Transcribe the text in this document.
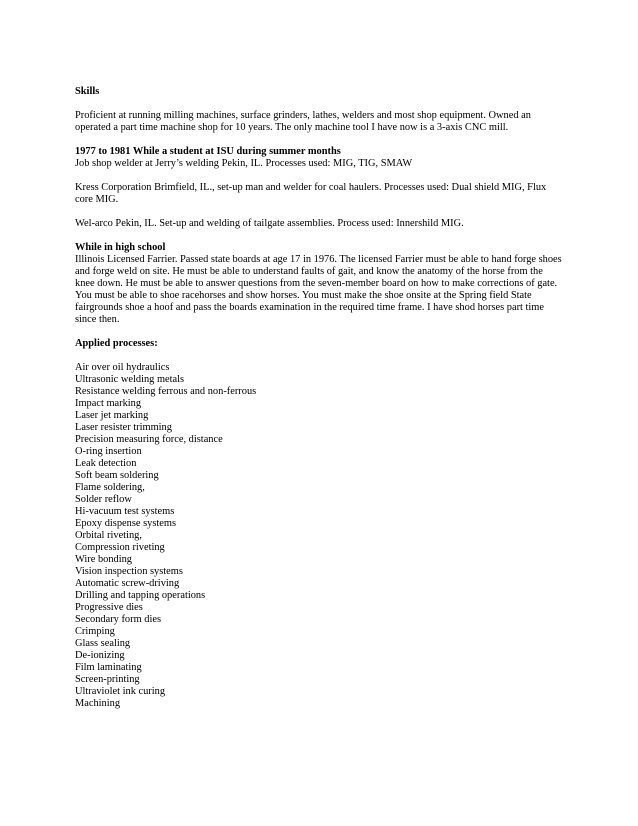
Skills

Proficient at running milling machines, surface grinders, lathes, welders and most shop equipment. Owned an operated a part time machine shop for 10 years. The only machine tool I have now is a 3-axis CNC mill.

1977 to 1981 While a student at ISU during summer months

Job shop welder at Jerry’s welding Pekin, IL. Processes used: MIG, TIG, SMAW

Kress Corporation Brimfield, IL., set-up man and welder for coal haulers. Processes used: Dual shield MIG, Flux core MIG.

Wel-arco Pekin, IL. Set-up and welding of tailgate assemblies. Process used: Innershild MIG.

While in high school

Illinois Licensed Farrier. Passed state boards at age 17 in 1976. The licensed Farrier must be able to hand forge shoes and forge weld on site. He must be able to understand faults of gait, and know the anatomy of the horse from the knee down. He must be able to answer questions from the seven-member board on how to make corrections of gate. You must be able to shoe racehorses and show horses. You must make the shoe onsite at the Spring field State fairgrounds shoe a hoof and pass the boards examination in the required time frame. I have shod horses part time since then.

Applied processes:

Air over oil hydraulics
Ultrasonic welding metals
Resistance welding ferrous and non-ferrous
Impact marking
Laser jet marking
Laser resister trimming
Precision measuring force, distance
O-ring insertion
Leak detection
Soft beam soldering
Flame soldering,
Solder reflow
Hi-vacuum test systems
Epoxy dispense systems
Orbital riveting,
Compression riveting
Wire bonding
Vision inspection systems
Automatic screw-driving
Drilling and tapping operations
Progressive dies
Secondary form dies
Crimping
Glass sealing
De-ionizing
Film laminating
Screen-printing
Ultraviolet ink curing
Machining
